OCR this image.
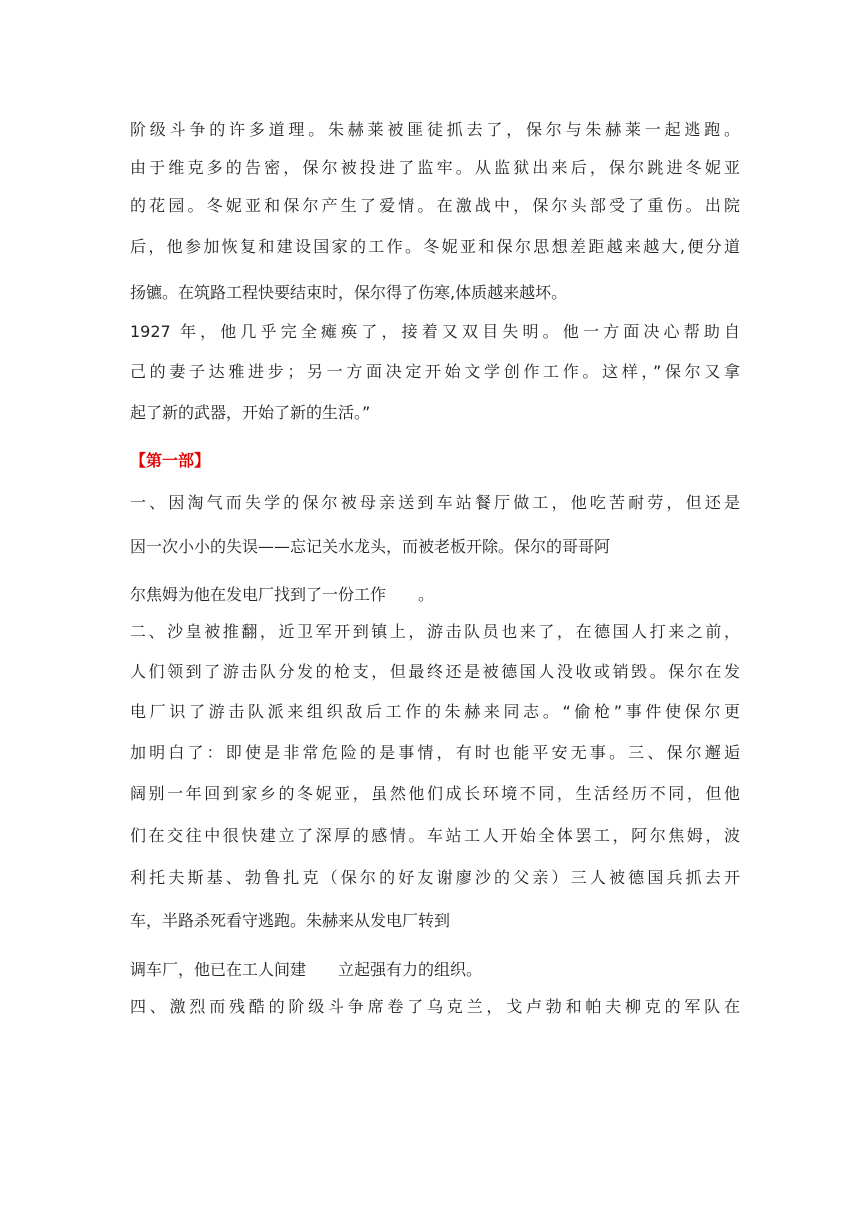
阶级斗争的许多道理。朱赫莱被匪徒抓去了，保尔与朱赫莱一起逃跑。
由于维克多的告密，保尔被投进了监牢。从监狱出来后，保尔跳进冬妮亚
的花园。冬妮亚和保尔产生了爱情。在激战中，保尔头部受了重伤。出院
后，他参加恢复和建设国家的工作。冬妮亚和保尔思想差距越来越大,便分道
扬镳。在筑路工程快要结束时，保尔得了伤寒,体质越来越坏。
1927 年，他几乎完全瘫痪了，接着又双目失明。他一方面决心帮助自
己的妻子达雅进步；另一方面决定开始文学创作工作。这样，”保尔又拿
起了新的武器，开始了新的生活。”
【第一部】
一、因淘气而失学的保尔被母亲送到车站餐厅做工，他吃苦耐劳，但还是
因一次小小的失误——忘记关水龙头，而被老板开除。保尔的哥哥阿
尔焦姆为他在发电厂找到了一份工作　　。
二、沙皇被推翻，近卫军开到镇上，游击队员也来了，在德国人打来之前，
人们领到了游击队分发的枪支，但最终还是被德国人没收或销毁。保尔在发
电厂识了游击队派来组织敌后工作的朱赫来同志。“偷枪”事件使保尔更
加明白了：即使是非常危险的是事情，有时也能平安无事。三、保尔邂逅
阔别一年回到家乡的冬妮亚，虽然他们成长环境不同，生活经历不同，但他
们在交往中很快建立了深厚的感情。车站工人开始全体罢工，阿尔焦姆，波
利托夫斯基、勃鲁扎克（保尔的好友谢廖沙的父亲）三人被德国兵抓去开
车，半路杀死看守逃跑。朱赫来从发电厂转到
调车厂，他已在工人间建　　立起强有力的组织。
四、激烈而残酷的阶级斗争席卷了乌克兰，戈卢勃和帕夫柳克的军队在
